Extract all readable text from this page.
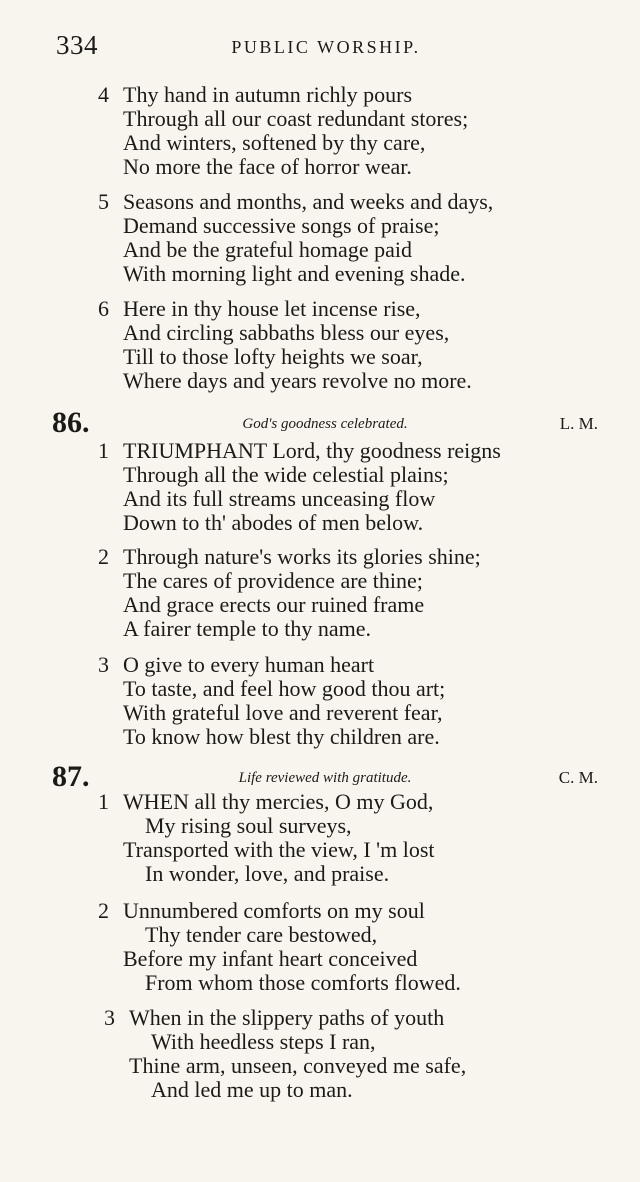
334	PUBLIC WORSHIP.
4 Thy hand in autumn richly pours
Through all our coast redundant stores;
And winters, softened by thy care,
No more the face of horror wear.
5 Seasons and months, and weeks and days,
Demand successive songs of praise;
And be the grateful homage paid
With morning light and evening shade.
6 Here in thy house let incense rise,
And circling sabbaths bless our eyes,
Till to those lofty heights we soar,
Where days and years revolve no more.
86.	God's goodness celebrated.	L. M.
1 TRIUMPHANT Lord, thy goodness reigns
Through all the wide celestial plains;
And its full streams unceasing flow
Down to th' abodes of men below.
2 Through nature's works its glories shine;
The cares of providence are thine;
And grace erects our ruined frame
A fairer temple to thy name.
3 O give to every human heart
To taste, and feel how good thou art;
With grateful love and reverent fear,
To know how blest thy children are.
87.	Life reviewed with gratitude.	C. M.
1 WHEN all thy mercies, O my God,
My rising soul surveys,
Transported with the view, I 'm lost
In wonder, love, and praise.
2 Unnumbered comforts on my soul
Thy tender care bestowed,
Before my infant heart conceived
From whom those comforts flowed.
3 When in the slippery paths of youth
With heedless steps I ran,
Thine arm, unseen, conveyed me safe,
And led me up to man.
